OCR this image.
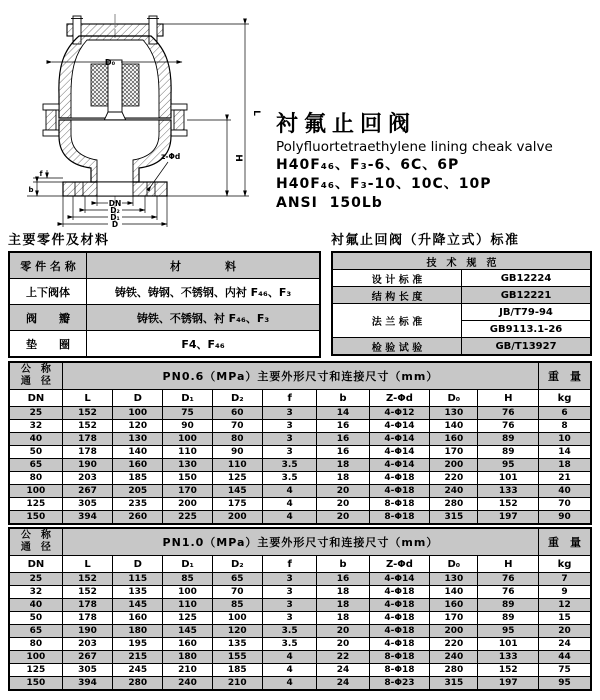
D₀
L
H
z-Φd
DN
D₂
D₁
D
f
b
衬氟止回阀
Polyfluortetraethylene lining cheak valve
H40F₄₆、F₃-6、6C、6P
H40F₄₆、F₃-10、10C、10P
ANSI  150Lb
主要零件及材料
零 件 名 称	材　　　　料
上下阀体	铸铁、铸钢、不锈钢、内衬 F₄₆、F₃
阀　　瓣	铸铁、不锈钢、衬 F₄₆、F₃
垫　　圈	F4、F₄₆
衬氟止回阀（升降立式）标准
技　术　规　范	
设 计 标 准	GB12224
结 构 长 度	GB12221
法 兰 标 准	JB/T79-94
	GB9113.1-26
检 验 试 验	GB/T13927
公　称
通　径	PN0.6（MPa）主要外形尺寸和连接尺寸（mm）									重　量
DN	L	D	D₁	D₂	f	b	Z-Φd	D₀	H	kg
25	152	100	75	60	3	14	4-Φ12	130	76	6
32	152	120	90	70	3	16	4-Φ14	140	76	8
40	178	130	100	80	3	16	4-Φ14	160	89	10
50	178	140	110	90	3	16	4-Φ14	170	89	14
65	190	160	130	110	3.5	18	4-Φ14	200	95	18
80	203	185	150	125	3.5	18	4-Φ18	220	101	21
100	267	205	170	145	4	20	4-Φ18	240	133	40
125	305	235	200	175	4	20	8-Φ18	280	152	70
150	394	260	225	200	4	20	8-Φ18	315	197	90
公　称
通　径	PN1.0（MPa）主要外形尺寸和连接尺寸（mm）									重　量
DN	L	D	D₁	D₂	f	b	Z-Φd	D₀	H	kg
25	152	115	85	65	3	16	4-Φ14	130	76	7
32	152	135	100	70	3	18	4-Φ18	140	76	9
40	178	145	110	85	3	18	4-Φ18	160	89	12
50	178	160	125	100	3	18	4-Φ18	170	89	15
65	190	180	145	120	3.5	20	4-Φ18	200	95	20
80	203	195	160	135	3.5	20	4-Φ18	220	101	24
100	267	215	180	155	4	22	8-Φ18	240	133	44
125	305	245	210	185	4	24	8-Φ18	280	152	75
150	394	280	240	210	4	24	8-Φ23	315	197	95
